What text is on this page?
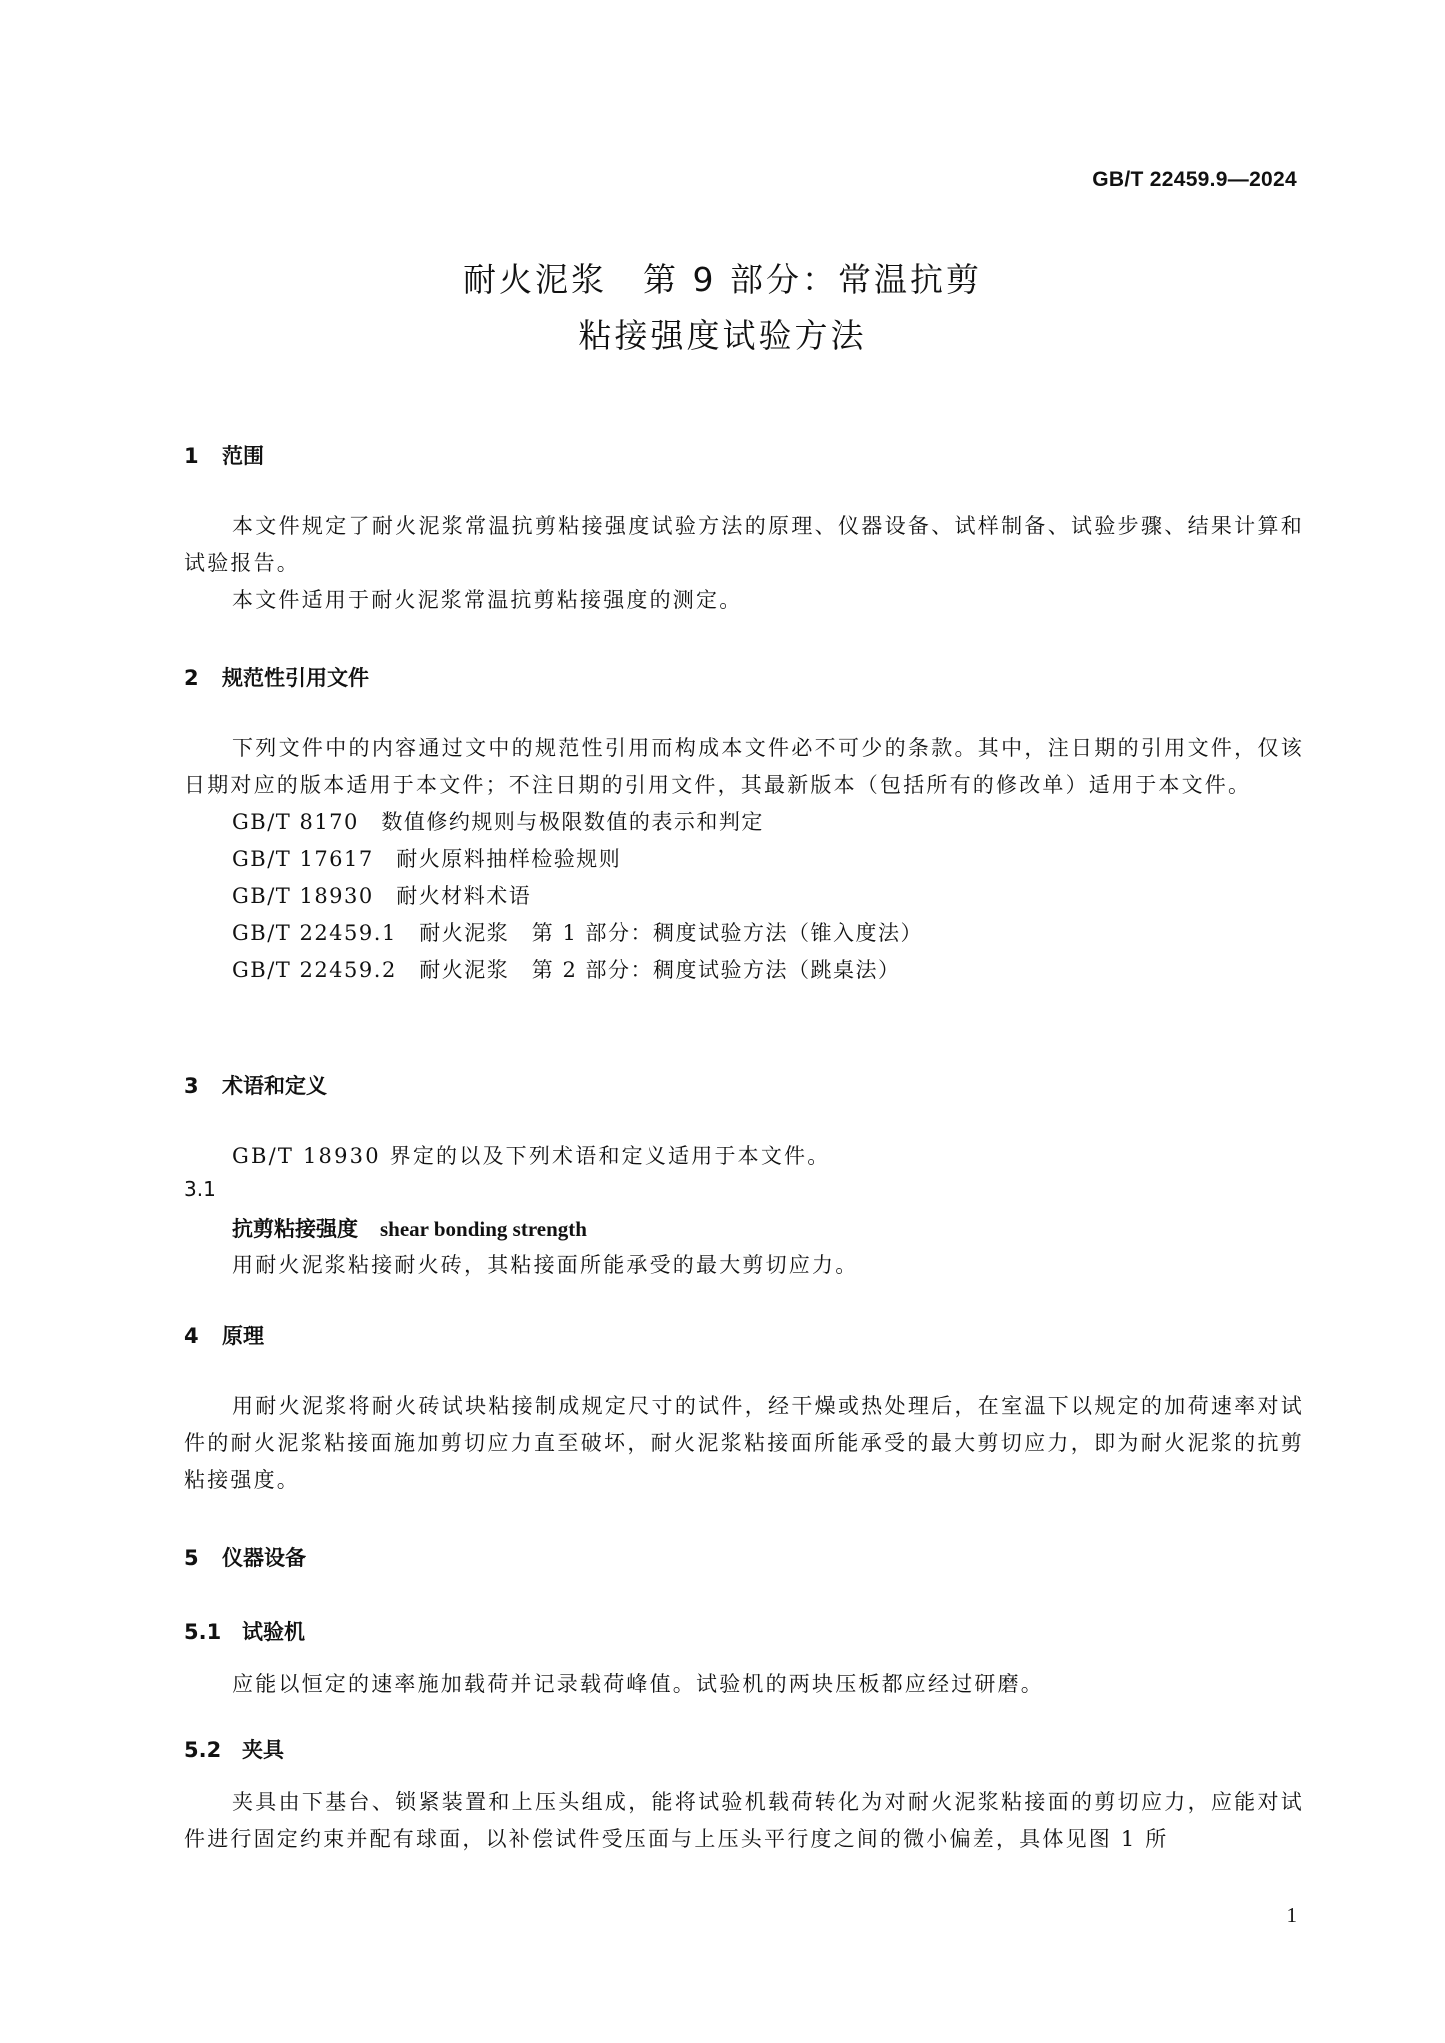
GB/T 22459.9—2024
耐火泥浆　第 9 部分：常温抗剪
粘接强度试验方法
1 范围
本文件规定了耐火泥浆常温抗剪粘接强度试验方法的原理、仪器设备、试样制备、试验步骤、结果计算和试验报告。
本文件适用于耐火泥浆常温抗剪粘接强度的测定。
2 规范性引用文件
下列文件中的内容通过文中的规范性引用而构成本文件必不可少的条款。其中，注日期的引用文件，仅该日期对应的版本适用于本文件；不注日期的引用文件，其最新版本（包括所有的修改单）适用于本文件。
GB/T 8170　数值修约规则与极限数值的表示和判定
GB/T 17617　耐火原料抽样检验规则
GB/T 18930　耐火材料术语
GB/T 22459.1　耐火泥浆　第 1 部分：稠度试验方法（锥入度法）
GB/T 22459.2　耐火泥浆　第 2 部分：稠度试验方法（跳桌法）
3 术语和定义
GB/T 18930 界定的以及下列术语和定义适用于本文件。
3.1
抗剪粘接强度 shear bonding strength
用耐火泥浆粘接耐火砖，其粘接面所能承受的最大剪切应力。
4 原理
用耐火泥浆将耐火砖试块粘接制成规定尺寸的试件，经干燥或热处理后，在室温下以规定的加荷速率对试件的耐火泥浆粘接面施加剪切应力直至破坏，耐火泥浆粘接面所能承受的最大剪切应力，即为耐火泥浆的抗剪粘接强度。
5 仪器设备
5.1 试验机
应能以恒定的速率施加载荷并记录载荷峰值。试验机的两块压板都应经过研磨。
5.2 夹具
夹具由下基台、锁紧装置和上压头组成，能将试验机载荷转化为对耐火泥浆粘接面的剪切应力，应能对试件进行固定约束并配有球面，以补偿试件受压面与上压头平行度之间的微小偏差，具体见图 1 所
1
